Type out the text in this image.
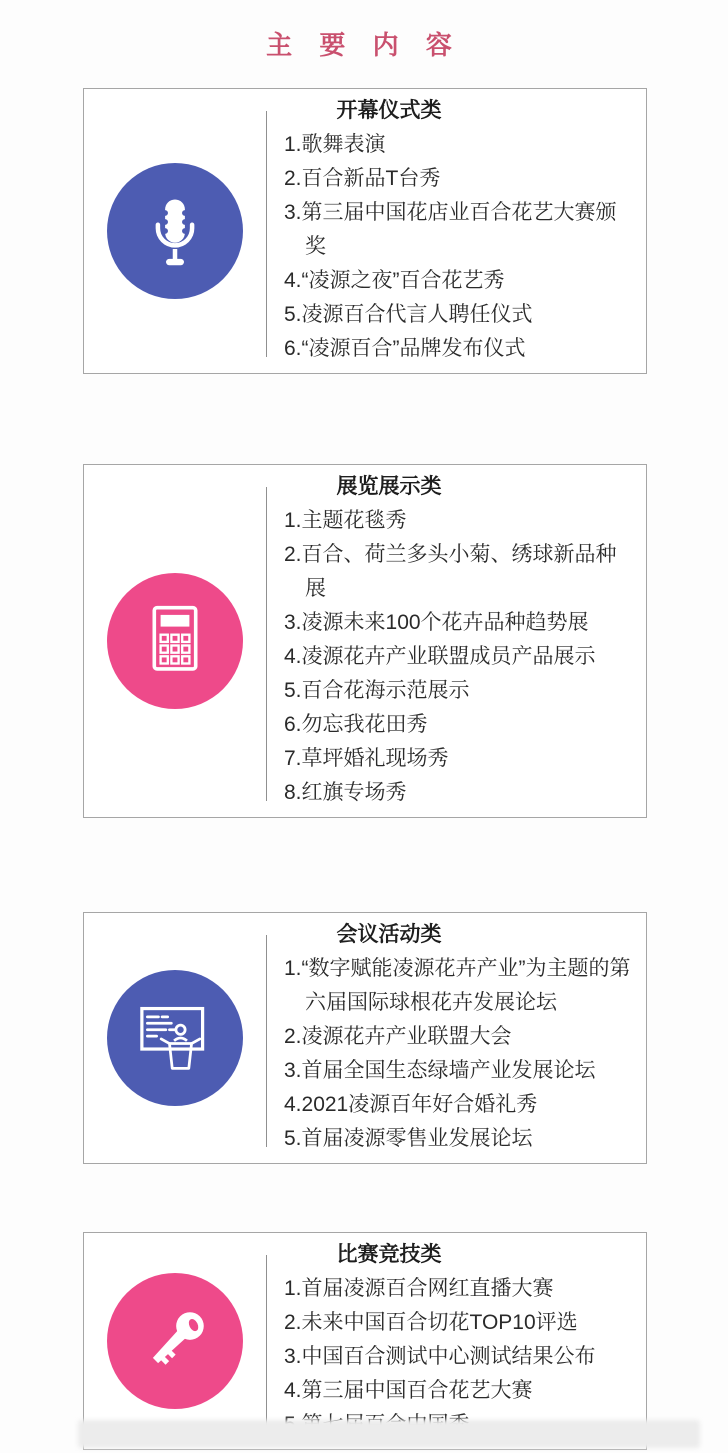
主 要 内 容
开幕仪式类
1.歌舞表演
2.百合新品T台秀
3.第三届中国花店业百合花艺大赛颁奖
4.“凌源之夜”百合花艺秀
5.凌源百合代言人聘任仪式
6.“凌源百合”品牌发布仪式
展览展示类
1.主题花毯秀
2.百合、荷兰多头小菊、绣球新品种展
3.凌源未来100个花卉品种趋势展
4.凌源花卉产业联盟成员产品展示
5.百合花海示范展示
6.勿忘我花田秀
7.草坪婚礼现场秀
8.红旗专场秀
会议活动类
1.“数字赋能凌源花卉产业”为主题的第六届国际球根花卉发展论坛
2.凌源花卉产业联盟大会
3.首届全国生态绿墙产业发展论坛
4.2021凌源百年好合婚礼秀
5.首届凌源零售业发展论坛
比赛竞技类
1.首届凌源百合网红直播大赛
2.未来中国百合切花TOP10评选
3.中国百合测试中心测试结果公布
4.第三届中国百合花艺大赛
